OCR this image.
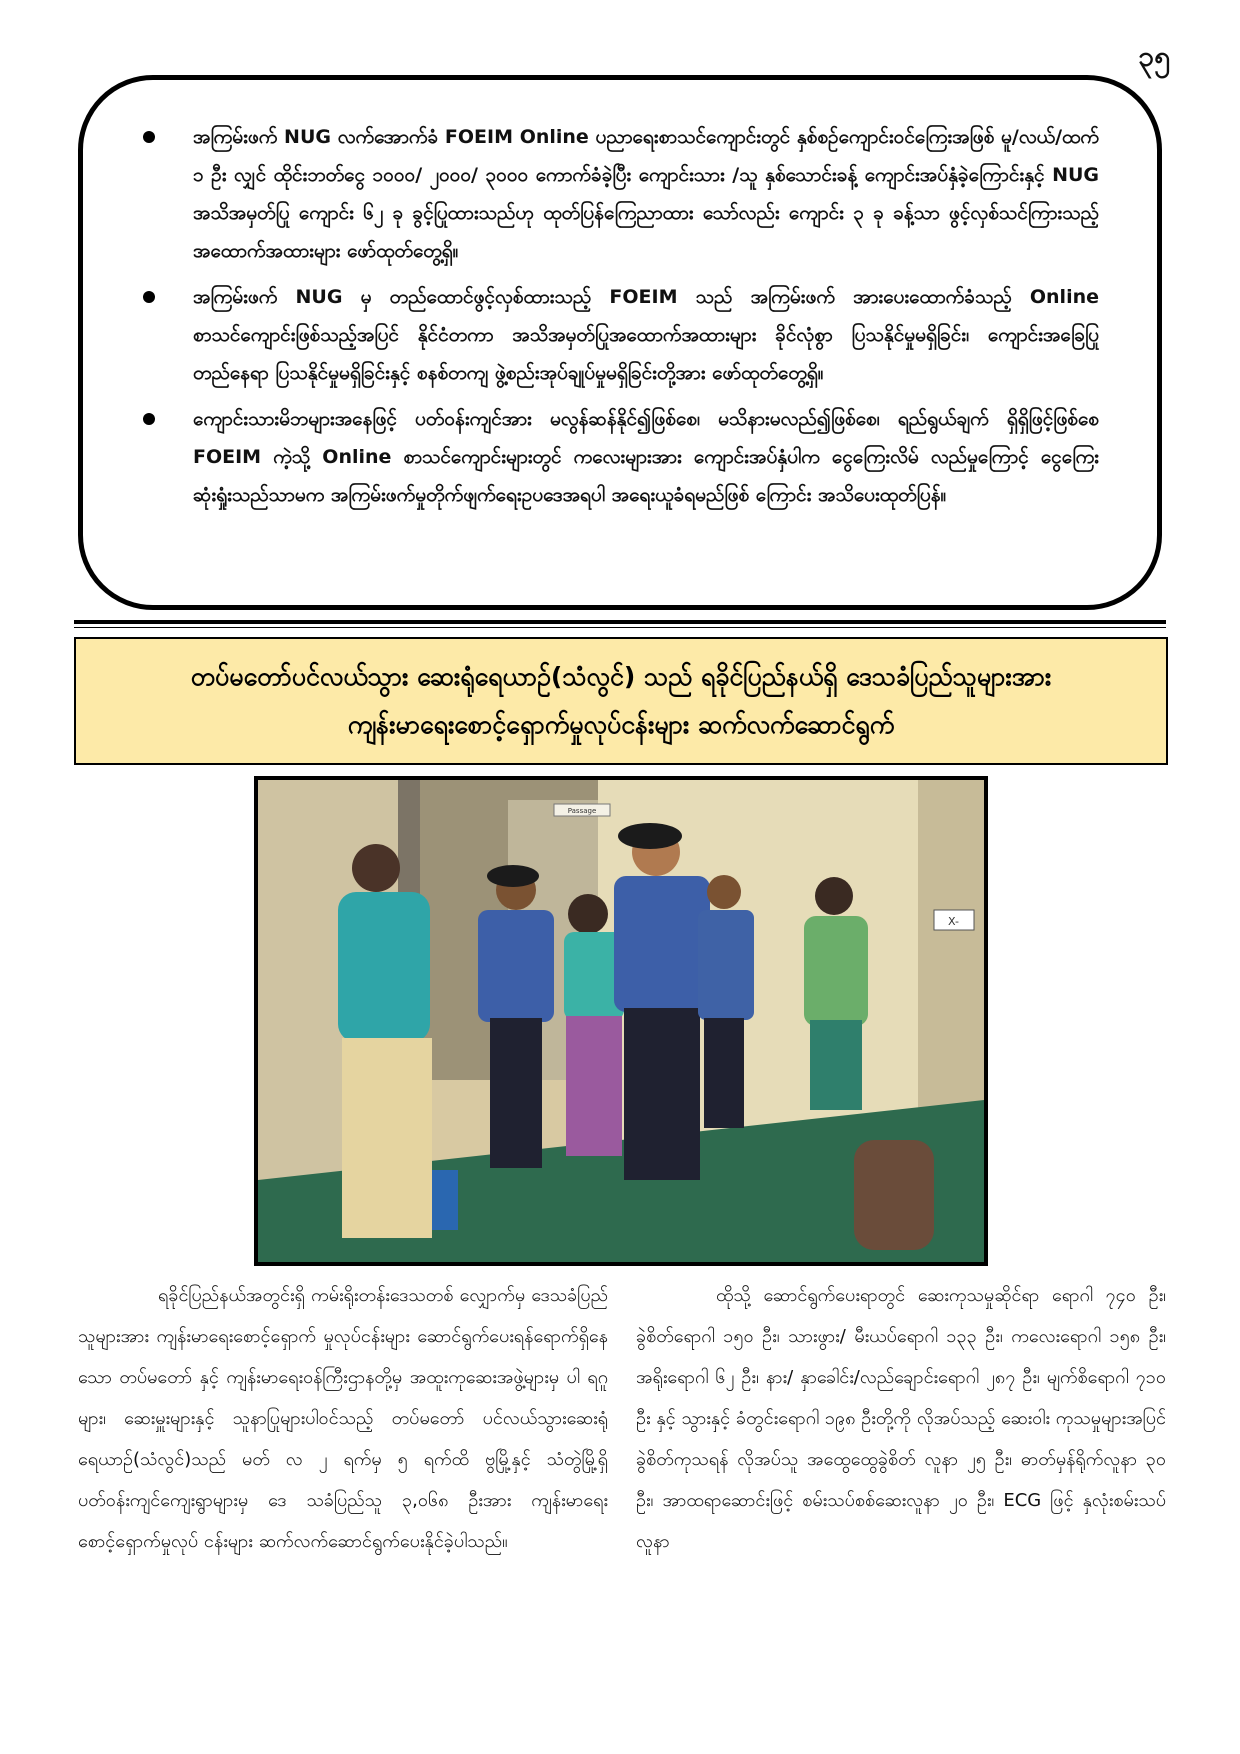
၃၅
အကြမ်းဖက် NUG လက်အောက်ခံ FOEIM Online ပညာရေးစာသင်ကျောင်းတွင် နှစ်စဉ်ကျောင်းဝင်ကြေးအဖြစ် မူ/လယ်/ထက် ၁ ဦး လျှင် ထိုင်းဘတ်ငွေ ၁၀၀၀/ ၂၀၀၀/ ၃၀၀၀ ကောက်ခံခဲ့ပြီး ကျောင်းသား /သူ နှစ်သောင်းခန့် ကျောင်းအပ်နှံခဲ့ကြောင်းနှင့် NUG အသိအမှတ်ပြု ကျောင်း ၆၂ ခု ခွင့်ပြုထားသည်ဟု ထုတ်ပြန်ကြေညာထား သော်လည်း ကျောင်း ၃ ခု ခန့်သာ ဖွင့်လှစ်သင်ကြားသည့် အထောက်အထားများ ဖော်ထုတ်တွေ့ရှိ။
အကြမ်းဖက် NUG မှ တည်ထောင်ဖွင့်လှစ်ထားသည့် FOEIM သည် အကြမ်းဖက် အားပေးထောက်ခံသည့် Online စာသင်ကျောင်းဖြစ်သည့်အပြင် နိုင်ငံတကာ အသိအမှတ်ပြုအထောက်အထားများ ခိုင်လုံစွာ ပြသနိုင်မှုမရှိခြင်း၊ ကျောင်းအခြေပြုတည်နေရာ ပြသနိုင်မှုမရှိခြင်းနှင့် စနစ်တကျ ဖွဲ့စည်းအုပ်ချုပ်မှုမရှိခြင်းတို့အား ဖော်ထုတ်တွေ့ရှိ။
ကျောင်းသားမိဘများအနေဖြင့် ပတ်ဝန်းကျင်အား မလွန်ဆန်နိုင်၍ဖြစ်စေ၊ မသိနားမလည်၍ဖြစ်စေ၊ ရည်ရွယ်ချက် ရှိရှိဖြင့်ဖြစ်စေ FOEIM ကဲ့သို့ Online စာသင်ကျောင်းများတွင် ကလေးများအား ကျောင်းအပ်နှံပါက ငွေကြေးလိမ် လည်မှုကြောင့် ငွေကြေးဆုံးရှုံးသည်သာမက အကြမ်းဖက်မှုတိုက်ဖျက်ရေးဥပဒေအရပါ အရေးယူခံရမည်ဖြစ် ကြောင်း အသိပေးထုတ်ပြန်။
တပ်မတော်ပင်လယ်သွား ဆေးရုံရေယာဉ်(သံလွင်) သည် ရခိုင်ပြည်နယ်ရှိ ဒေသခံပြည်သူများအား
ကျန်းမာရေးစောင့်ရှောက်မှုလုပ်ငန်းများ ဆက်လက်ဆောင်ရွက်
Passage
X-

ရခိုင်ပြည်နယ်အတွင်းရှိ ကမ်းရိုးတန်းဒေသတစ် လျှောက်မှ ဒေသခံပြည်သူများအား ကျန်းမာရေးစောင့်ရှောက် မှုလုပ်ငန်းများ ဆောင်ရွက်ပေးရန်ရောက်ရှိနေသော တပ်မတော် နှင့် ကျန်းမာရေးဝန်ကြီးဌာနတို့မှ အထူးကုဆေးအဖွဲ့များမှ ပါ ရဂူများ၊ ဆေးမှူးများနှင့် သူနာပြုများပါဝင်သည့် တပ်မတော် ပင်လယ်သွားဆေးရုံရေယာဉ်(သံလွင်)သည် မတ် လ ၂ ရက်မှ ၅ ရက်ထိ ဗွမြို့နှင့် သံတွဲမြို့ရှိ ပတ်ဝန်းကျင်ကျေးရွာများမှ ဒေ သခံပြည်သူ ၃,၀၆၈ ဦးအား ကျန်းမာရေးစောင့်ရှောက်မှုလုပ် ငန်းများ ဆက်လက်ဆောင်ရွက်ပေးနိုင်ခဲ့ပါသည်။

ထိုသို့ ဆောင်ရွက်ပေးရာတွင် ဆေးကုသမှုဆိုင်ရာ ရောဂါ ၇၄၀ ဦး၊ ခွဲစိတ်ရောဂါ ၁၅၀ ဦး၊ သားဖွား/ မီးယပ်ရောဂါ ၁၃၃ ဦး၊ ကလေးရောဂါ ၁၅၈ ဦး၊ အရိုးရောဂါ ၆၂ ဦး၊ နား/ နှာခေါင်း/လည်ချောင်းရောဂါ ၂၈၇ ဦး၊ မျက်စိရောဂါ ၇၁၀ ဦး နှင့် သွားနှင့် ခံတွင်းရောဂါ ၁၉၈ ဦးတို့ကို လိုအပ်သည့် ဆေးဝါး ကုသမှုများအပြင် ခွဲစိတ်ကုသရန် လိုအပ်သူ အထွေထွေခွဲစိတ် လူနာ ၂၅ ဦး၊ ဓာတ်မှန်ရိုက်လူနာ ၃၀ ဦး၊ အာထရာဆောင်းဖြင့် စမ်းသပ်စစ်ဆေးလူနာ ၂၀ ဦး၊ ECG ဖြင့် နှလုံးစမ်းသပ်လူနာ
